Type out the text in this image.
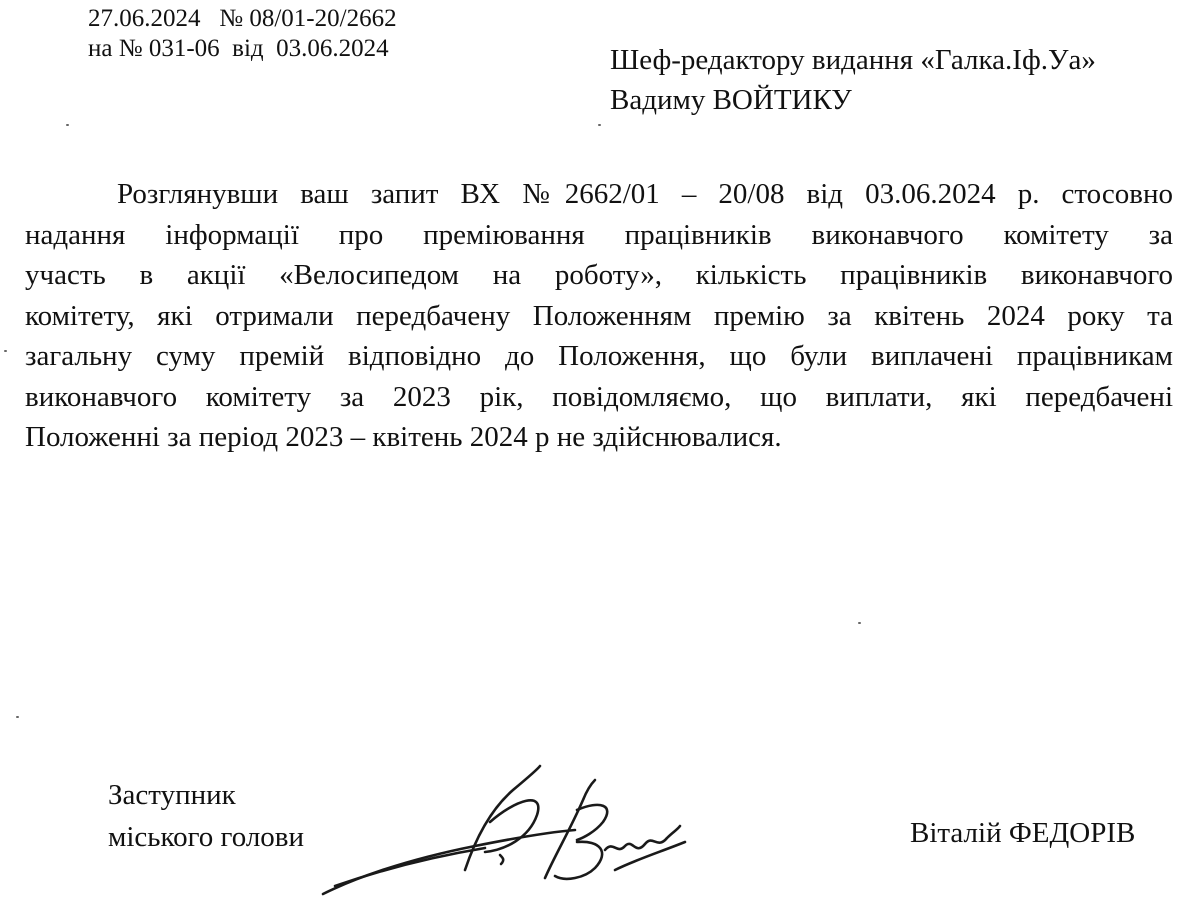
27.06.2024   № 08/01-20/2662
на № 031-06  від  03.06.2024	Шеф-редактору видання «Галка.Іф.Уа»
Вадиму ВОЙТИКУ
Розглянувши ваш запит ВХ №2662/01 – 20/08 від 03.06.2024 р. стосовно
надання інформації про преміювання працівників виконавчого комітету за
участь в акції «Велосипедом на роботу», кількість працівників виконавчого
комітету, які отримали передбачену Положенням премію за квітень 2024 року та
загальну суму премій відповідно до Положення, що були виплачені працівникам
виконавчого комітету за 2023 рік, повідомляємо, що виплати, які передбачені
Положенні за період 2023 – квітень 2024 р не здійснювалися.
Заступник
міського голови	Віталій ФЕДОРІВ
